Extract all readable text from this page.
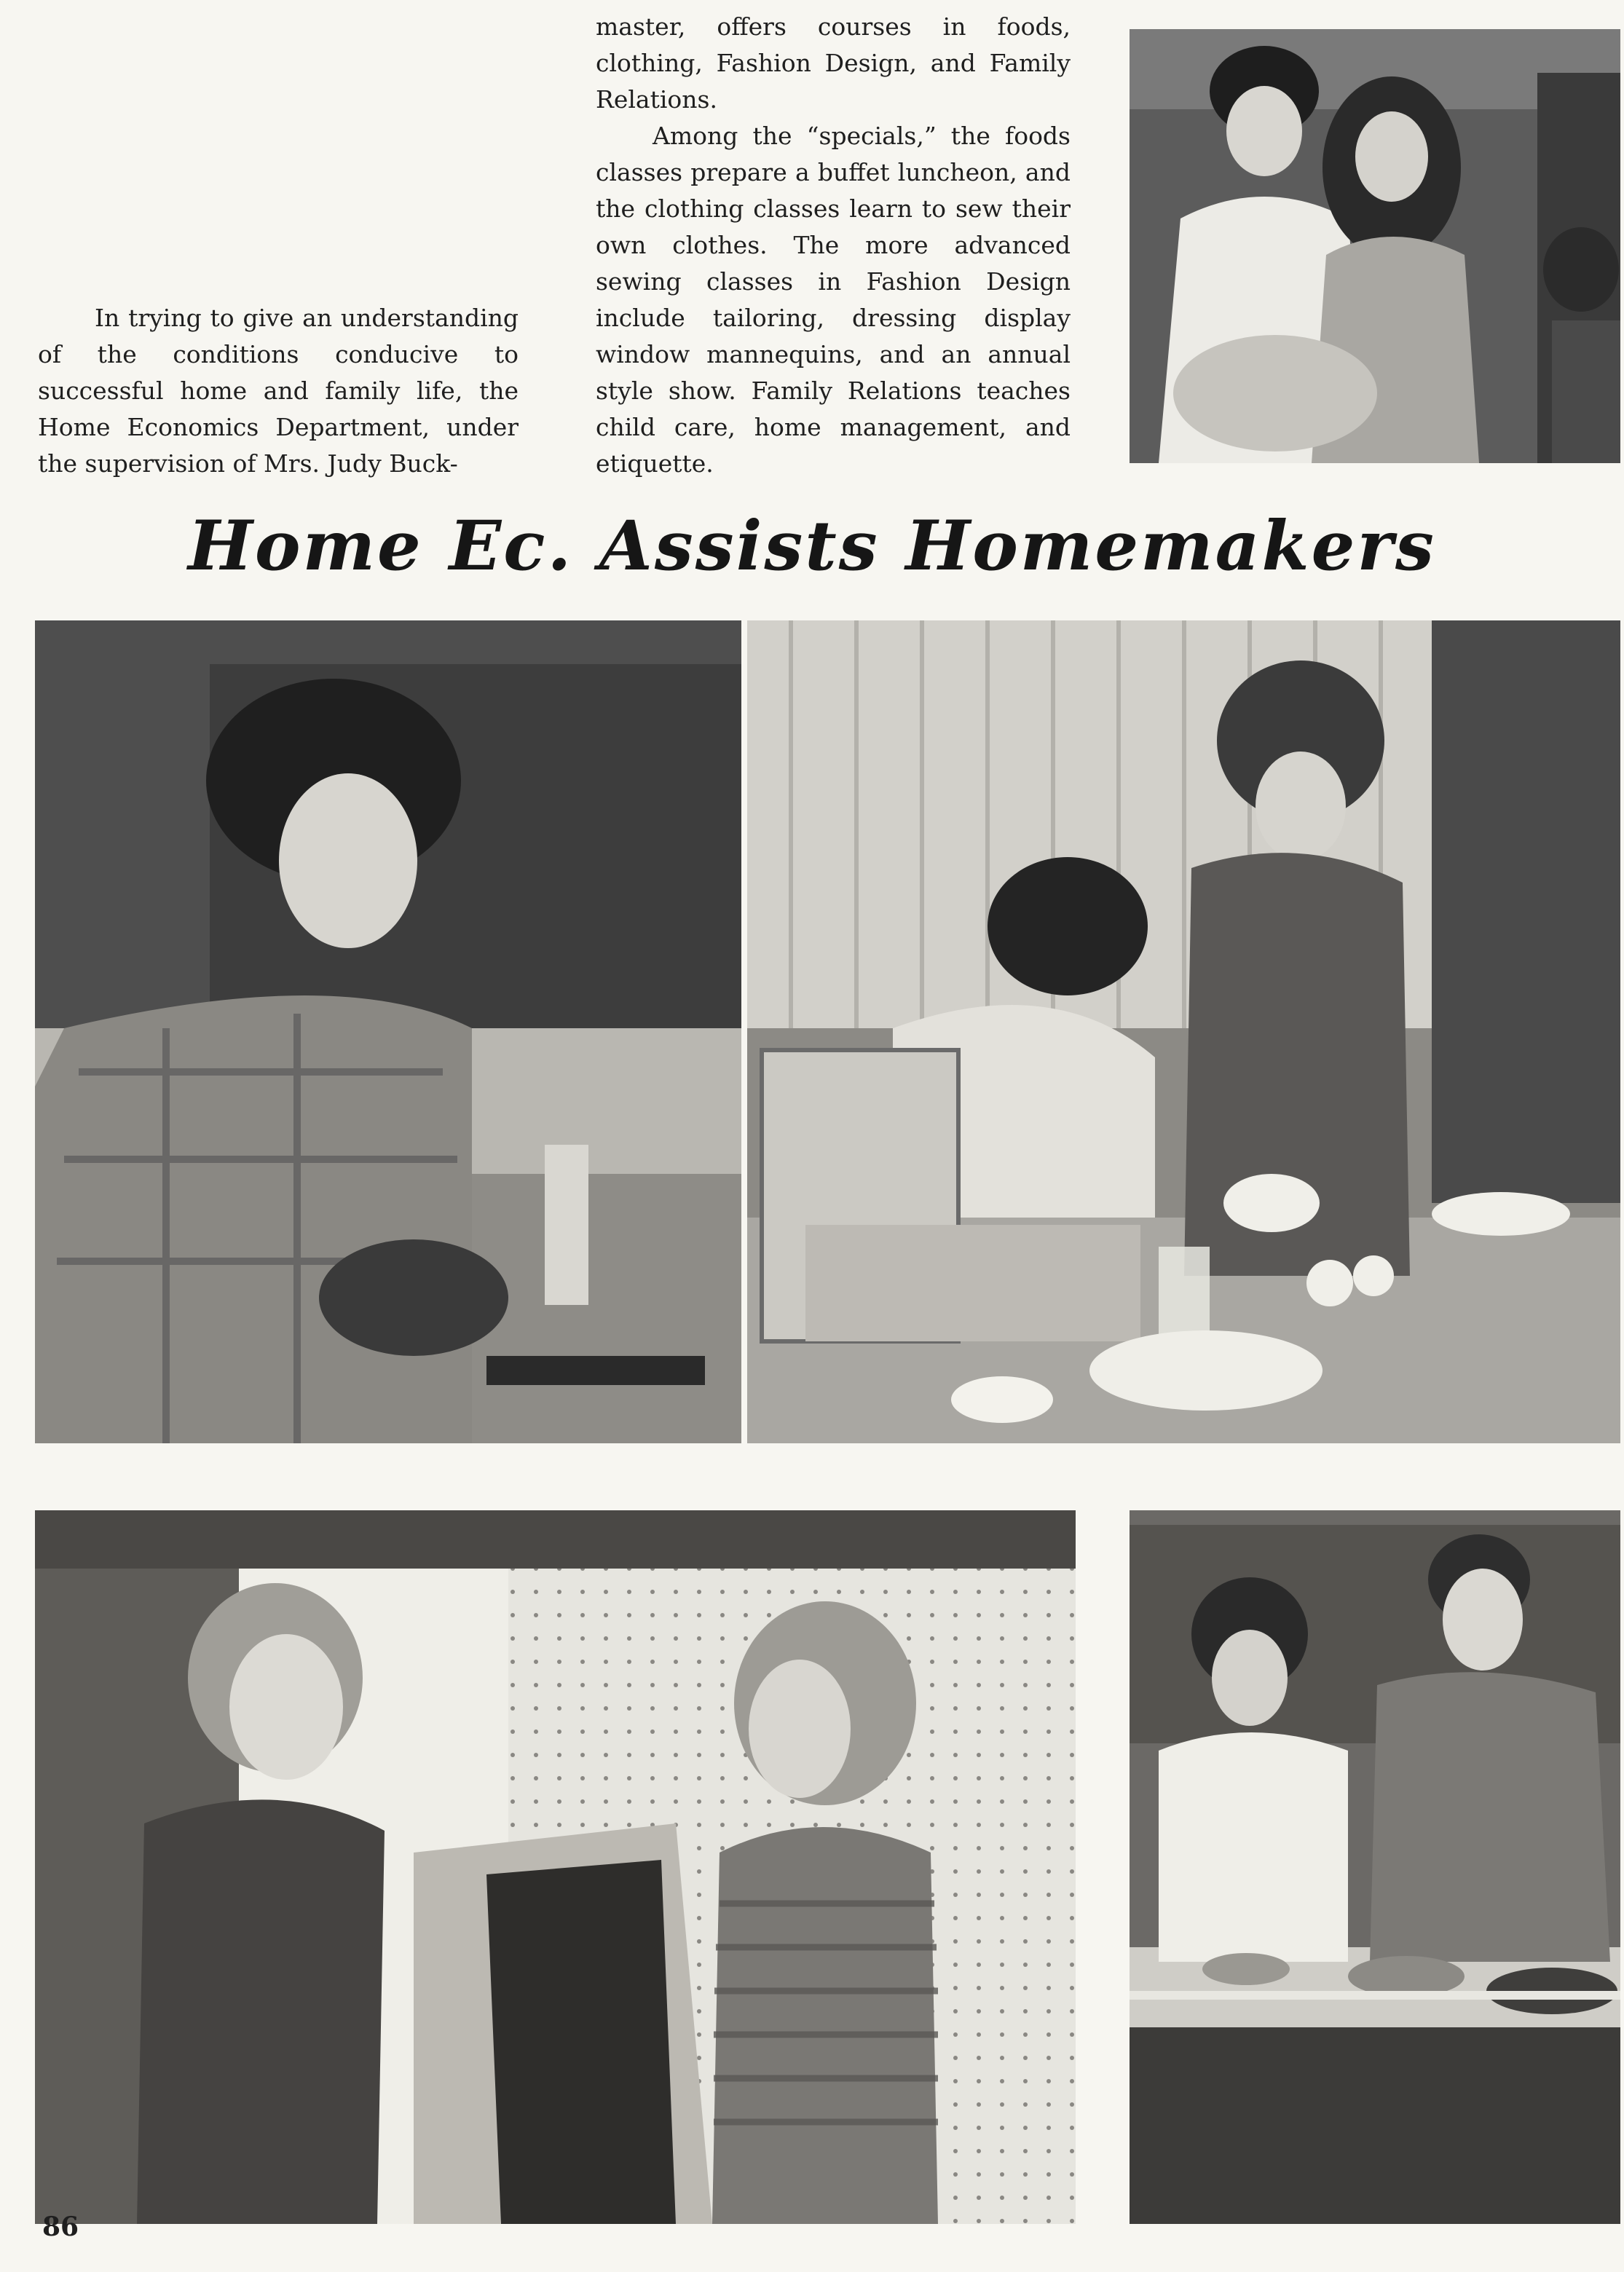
In trying to give an understanding of the conditions conducive to successful home and family life, the Home Economics Department, under the supervision of Mrs. Judy Buck-

master, offers courses in foods, clothing, Fashion Design, and Family Relations.

Among the “specials,” the foods classes prepare a buffet luncheon, and the clothing classes learn to sew their own clothes. The more advanced sewing classes in Fashion Design include tailoring, dressing display window mannequins, and an annual style show. Family Relations teaches child care, home management, and etiquette.

Home Ec. Assists Homemakers

86
